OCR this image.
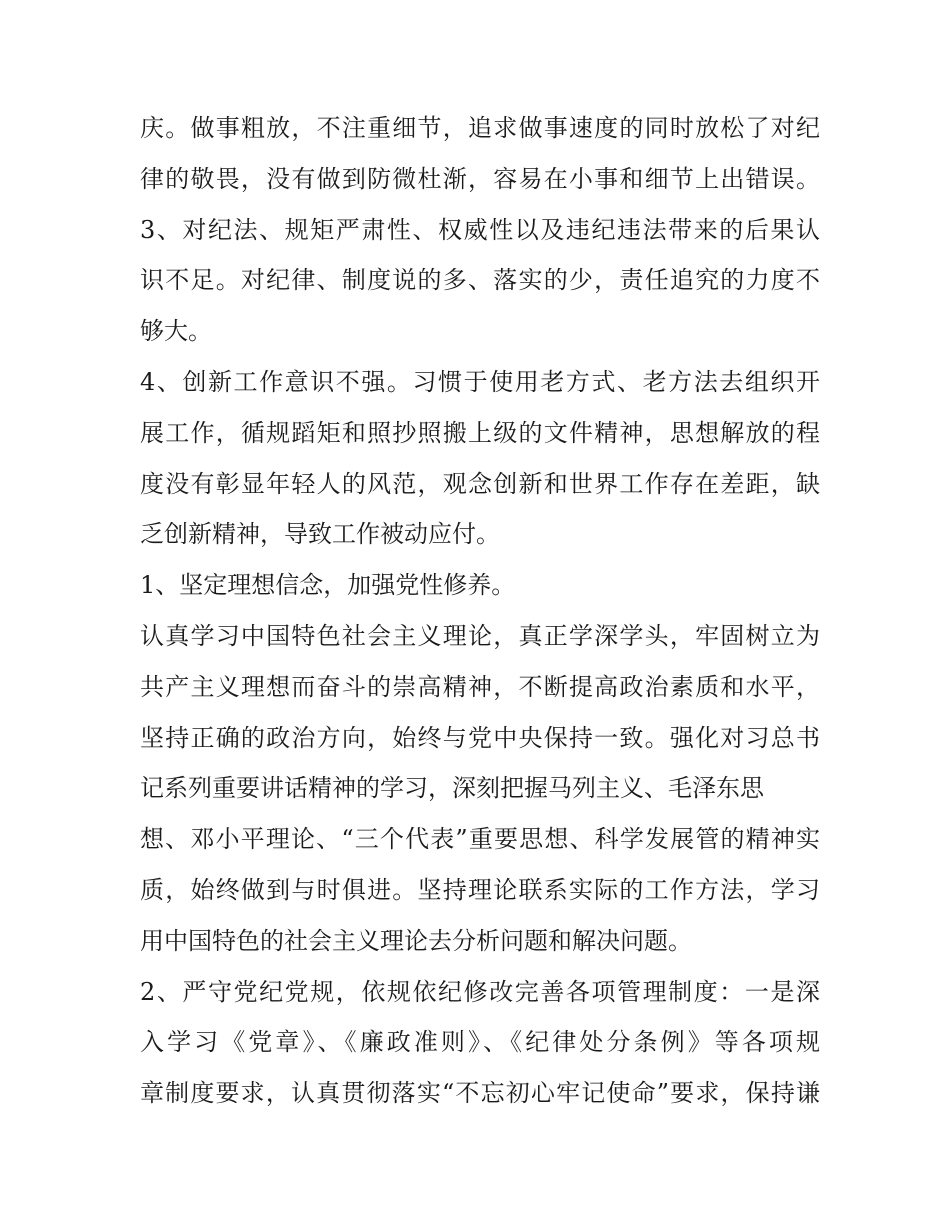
庆。做事粗放，不注重细节，追求做事速度的同时放松了对纪
律的敬畏，没有做到防微杜渐，容易在小事和细节上出错误。
3、对纪法、规矩严肃性、权威性以及违纪违法带来的后果认
识不足。对纪律、制度说的多、落实的少，责任追究的力度不
够大。
4、创新工作意识不强。习惯于使用老方式、老方法去组织开
展工作，循规蹈矩和照抄照搬上级的文件精神，思想解放的程
度没有彰显年轻人的风范，观念创新和世界工作存在差距，缺
乏创新精神，导致工作被动应付。
1、坚定理想信念，加强党性修养。
认真学习中国特色社会主义理论，真正学深学头，牢固树立为
共产主义理想而奋斗的崇高精神，不断提高政治素质和水平，
坚持正确的政治方向，始终与党中央保持一致。强化对习总书
记系列重要讲话精神的学习，深刻把握马列主义、毛泽东思
想、邓小平理论、“三个代表”重要思想、科学发展管的精神实
质，始终做到与时俱进。坚持理论联系实际的工作方法，学习
用中国特色的社会主义理论去分析问题和解决问题。
2、严守党纪党规，依规依纪修改完善各项管理制度：一是深
入学习《党章》、《廉政准则》、《纪律处分条例》等各项规
章制度要求，认真贯彻落实“不忘初心牢记使命”要求，保持谦
